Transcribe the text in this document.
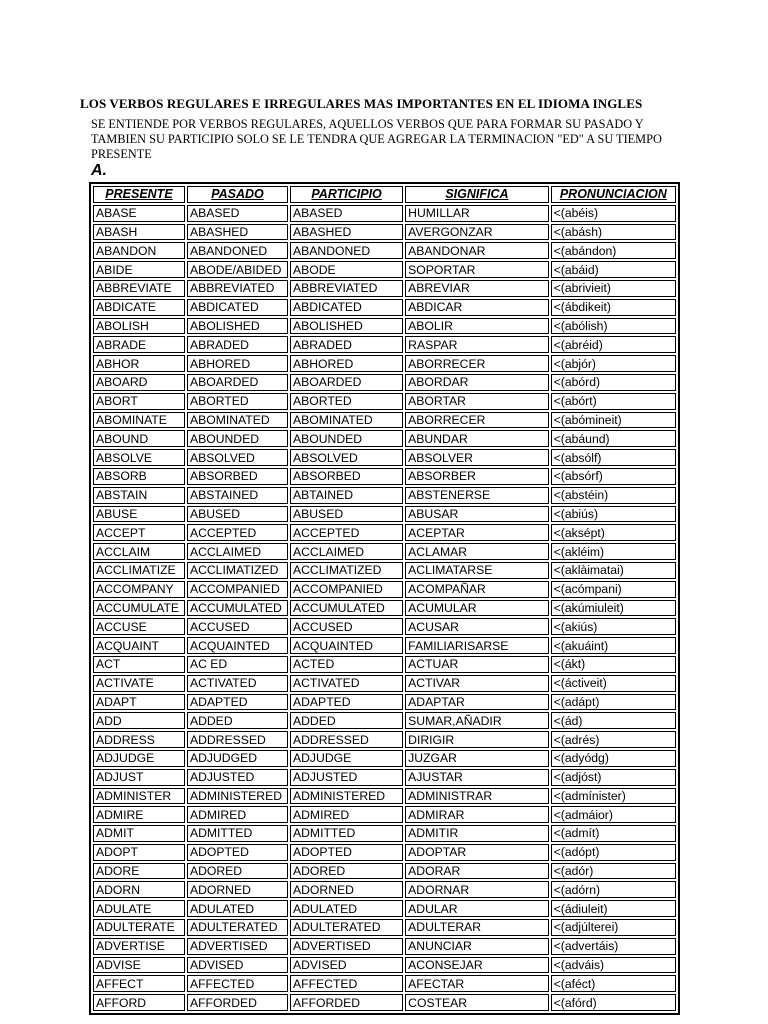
LOS VERBOS REGULARES E IRREGULARES MAS IMPORTANTES EN EL IDIOMA INGLES
SE ENTIENDE POR VERBOS REGULARES, AQUELLOS VERBOS QUE PARA FORMAR SU PASADO Y TAMBIEN SU PARTICIPIO SOLO SE LE TENDRA QUE AGREGAR LA TERMINACION "ED" A SU TIEMPO PRESENTE
A.
PRESENTE	PASADO	PARTICIPIO	SIGNIFICA	PRONUNCIACION
ABASE	ABASED	ABASED	HUMILLAR	<(abéis)
ABASH	ABASHED	ABASHED	AVERGONZAR	<(abásh)
ABANDON	ABANDONED	ABANDONED	ABANDONAR	<(abándon)
ABIDE	ABODE/ABIDED	ABODE	SOPORTAR	<(abáid)
ABBREVIATE	ABBREVIATED	ABBREVIATED	ABREVIAR	<(abrivieit)
ABDICATE	ABDICATED	ABDICATED	ABDICAR	<(ábdikeit)
ABOLISH	ABOLISHED	ABOLISHED	ABOLIR	<(abólish)
ABRADE	ABRADED	ABRADED	RASPAR	<(abréid)
ABHOR	ABHORED	ABHORED	ABORRECER	<(abjór)
ABOARD	ABOARDED	ABOARDED	ABORDAR	<(abórd)
ABORT	ABORTED	ABORTED	ABORTAR	<(abórt)
ABOMINATE	ABOMINATED	ABOMINATED	ABORRECER	<(abómineit)
ABOUND	ABOUNDED	ABOUNDED	ABUNDAR	<(abáund)
ABSOLVE	ABSOLVED	ABSOLVED	ABSOLVER	<(absólf)
ABSORB	ABSORBED	ABSORBED	ABSORBER	<(absórf)
ABSTAIN	ABSTAINED	ABTAINED	ABSTENERSE	<(abstéin)
ABUSE	ABUSED	ABUSED	ABUSAR	<(abiús)
ACCEPT	ACCEPTED	ACCEPTED	ACEPTAR	<(aksépt)
ACCLAIM	ACCLAIMED	ACCLAIMED	ACLAMAR	<(akléim)
ACCLIMATIZE	ACCLIMATIZED	ACCLIMATIZED	ACLIMATARSE	<(aklàimatai)
ACCOMPANY	ACCOMPANIED	ACCOMPANIED	ACOMPAÑAR	<(acómpani)
ACCUMULATE	ACCUMULATED	ACCUMULATED	ACUMULAR	<(akúmiuleit)
ACCUSE	ACCUSED	ACCUSED	ACUSAR	<(akiús)
ACQUAINT	ACQUAINTED	ACQUAINTED	FAMILIARISARSE	<(akuáint)
ACT	AC ED	ACTED	ACTUAR	<(ákt)
ACTIVATE	ACTIVATED	ACTIVATED	ACTIVAR	<(áctiveit)
ADAPT	ADAPTED	ADAPTED	ADAPTAR	<(adápt)
ADD	ADDED	ADDED	SUMAR,AÑADIR	<(ád)
ADDRESS	ADDRESSED	ADDRESSED	DIRIGIR	<(adrés)
ADJUDGE	ADJUDGED	ADJUDGE	JUZGAR	<(adyódg)
ADJUST	ADJUSTED	ADJUSTED	AJUSTAR	<(adjóst)
ADMINISTER	ADMINISTERED	ADMINISTERED	ADMINISTRAR	<(admínister)
ADMIRE	ADMIRED	ADMIRED	ADMIRAR	<(admáior)
ADMIT	ADMITTED	ADMITTED	ADMITIR	<(admít)
ADOPT	ADOPTED	ADOPTED	ADOPTAR	<(adópt)
ADORE	ADORED	ADORED	ADORAR	<(adór)
ADORN	ADORNED	ADORNED	ADORNAR	<(adórn)
ADULATE	ADULATED	ADULATED	ADULAR	<(ádiuleit)
ADULTERATE	ADULTERATED	ADULTERATED	ADULTERAR	<(adjúlterei)
ADVERTISE	ADVERTISED	ADVERTISED	ANUNCIAR	<(advertáis)
ADVISE	ADVISED	ADVISED	ACONSEJAR	<(adváis)
AFFECT	AFFECTED	AFFECTED	AFECTAR	<(aféct)
AFFORD	AFFORDED	AFFORDED	COSTEAR	<(afórd)
